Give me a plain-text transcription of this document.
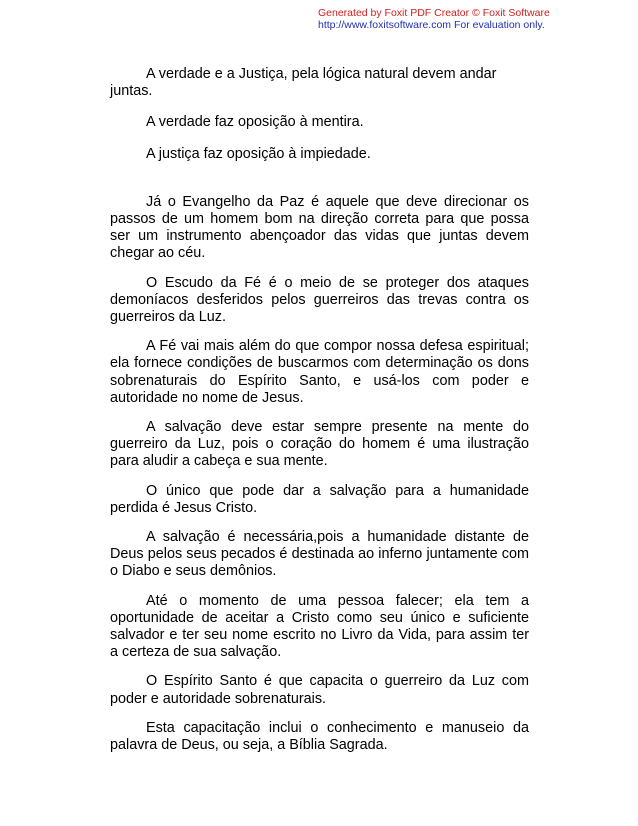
Generated by Foxit PDF Creator © Foxit Software
http://www.foxitsoftware.com For evaluation only.

A verdade e a Justiça, pela lógica natural devem andar juntas.

A verdade faz oposição à mentira.

A justiça faz oposição à impiedade.

Já o Evangelho da Paz é aquele que deve direcionar os passos de um homem bom na direção correta para que possa ser um instrumento abençoador das vidas que juntas devem chegar ao céu.

O Escudo da Fé é o meio de se proteger dos ataques demoníacos desferidos pelos guerreiros das trevas contra os guerreiros da Luz.

A Fé vai mais além do que compor nossa defesa espiritual; ela fornece condições de buscarmos com determinação os dons sobrenaturais do Espírito Santo, e usá-los com poder e autoridade no nome de Jesus.

A salvação deve estar sempre presente na mente do guerreiro da Luz, pois o coração do homem é uma ilustração para aludir a cabeça e sua mente.

O único que pode dar a salvação para a humanidade perdida é Jesus Cristo.

A salvação é necessária,pois a humanidade distante de Deus pelos seus pecados é destinada ao inferno juntamente com o Diabo e seus demônios.

Até o momento de uma pessoa falecer; ela tem a oportunidade de aceitar a Cristo como seu único e suficiente salvador e ter seu nome escrito no Livro da Vida, para assim ter a certeza de sua salvação.

O Espírito Santo é que capacita o guerreiro da Luz com poder e autoridade sobrenaturais.

Esta capacitação inclui o conhecimento e manuseio da palavra de Deus, ou seja, a Bíblia Sagrada.
